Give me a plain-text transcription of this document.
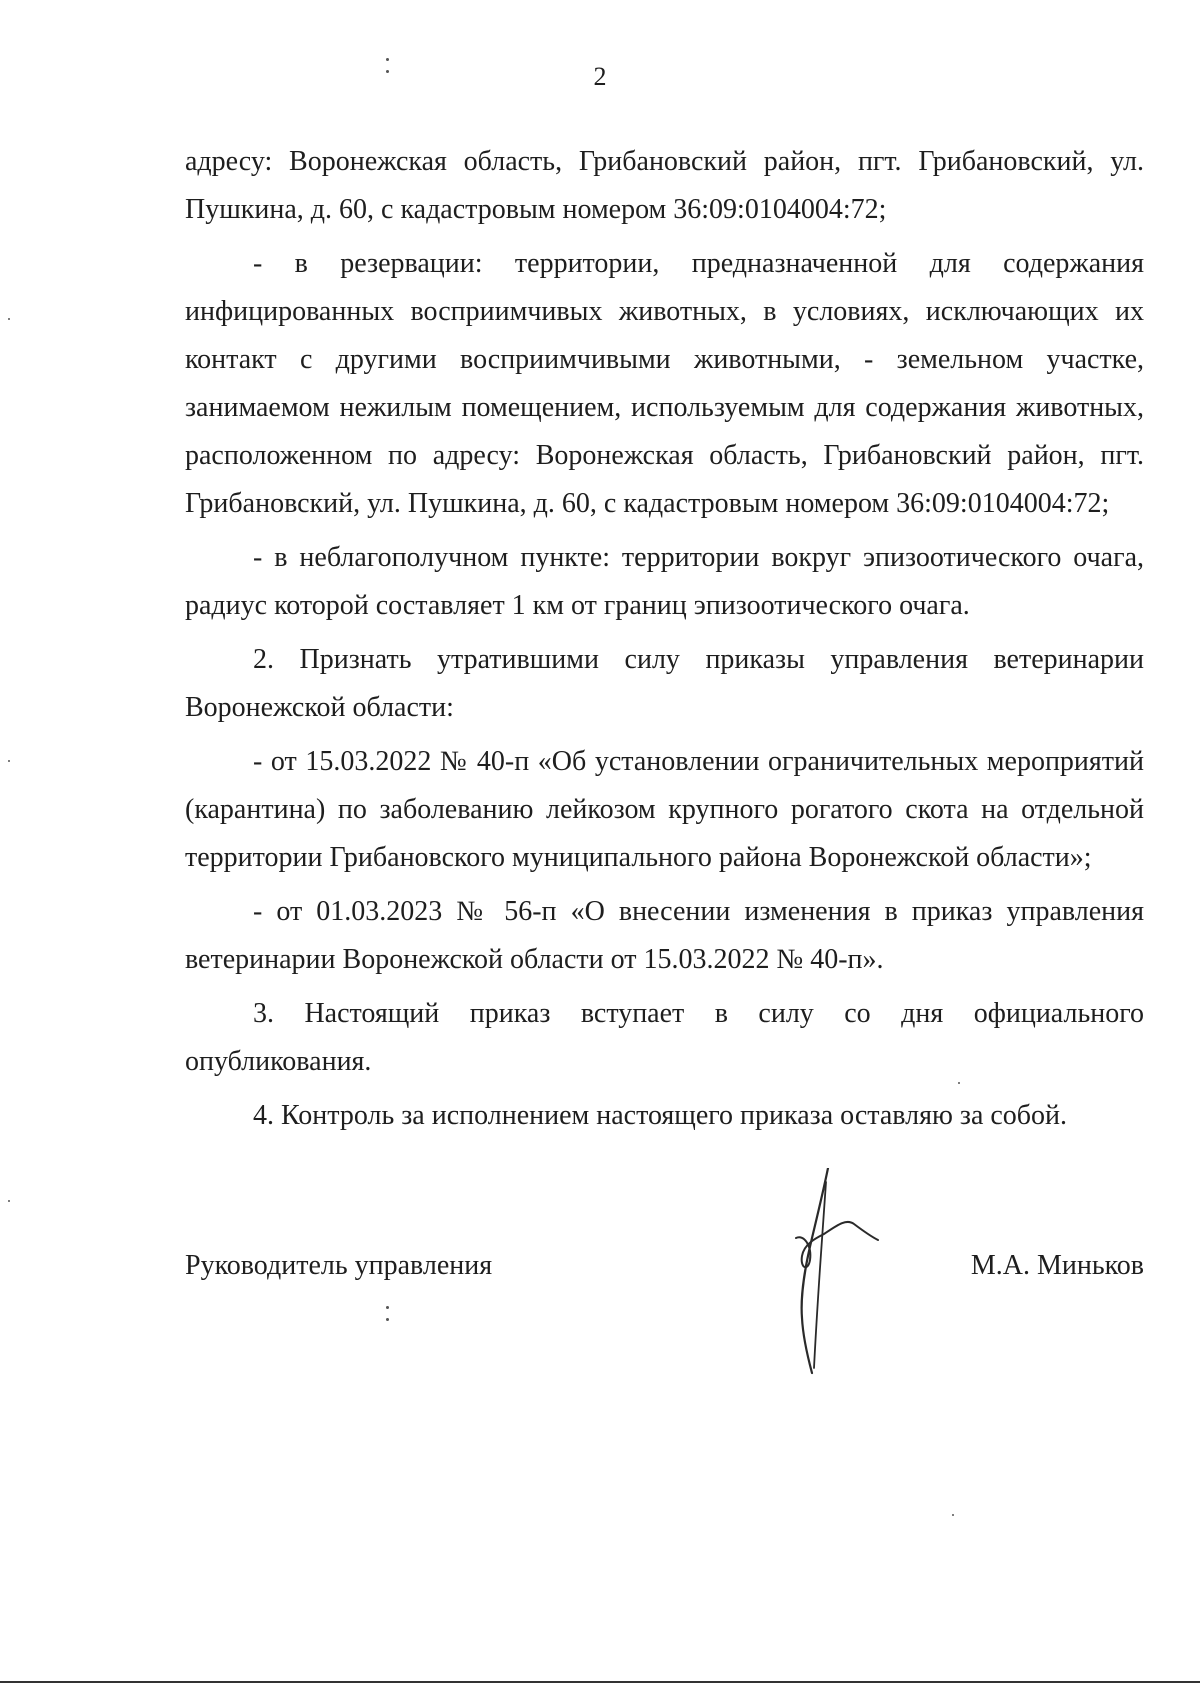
2

адресу: Воронежская область, Грибановский район, пгт. Грибановский, ул. Пушкина, д. 60, с кадастровым номером 36:09:0104004:72;

- в резервации: территории, предназначенной для содержания инфицированных восприимчивых животных, в условиях, исключающих их контакт с другими восприимчивыми животными, - земельном участке, занимаемом нежилым помещением, используемым для содержания животных, расположенном по адресу: Воронежская область, Грибановский район, пгт. Грибановский, ул. Пушкина, д. 60, с кадастровым номером 36:09:0104004:72;

- в неблагополучном пункте: территории вокруг эпизоотического очага, радиус которой составляет 1 км от границ эпизоотического очага.

2. Признать утратившими силу приказы управления ветеринарии Воронежской области:

- от 15.03.2022 № 40-п «Об установлении ограничительных мероприятий (карантина) по заболеванию лейкозом крупного рогатого скота на отдельной территории Грибановского муниципального района Воронежской области»;

- от 01.03.2023 № 56-п «О внесении изменения в приказ управления ветеринарии Воронежской области от 15.03.2022 № 40-п».

3. Настоящий приказ вступает в силу со дня официального опубликования.

4. Контроль за исполнением настоящего приказа оставляю за собой.

Руководитель управления	М.А. Миньков
